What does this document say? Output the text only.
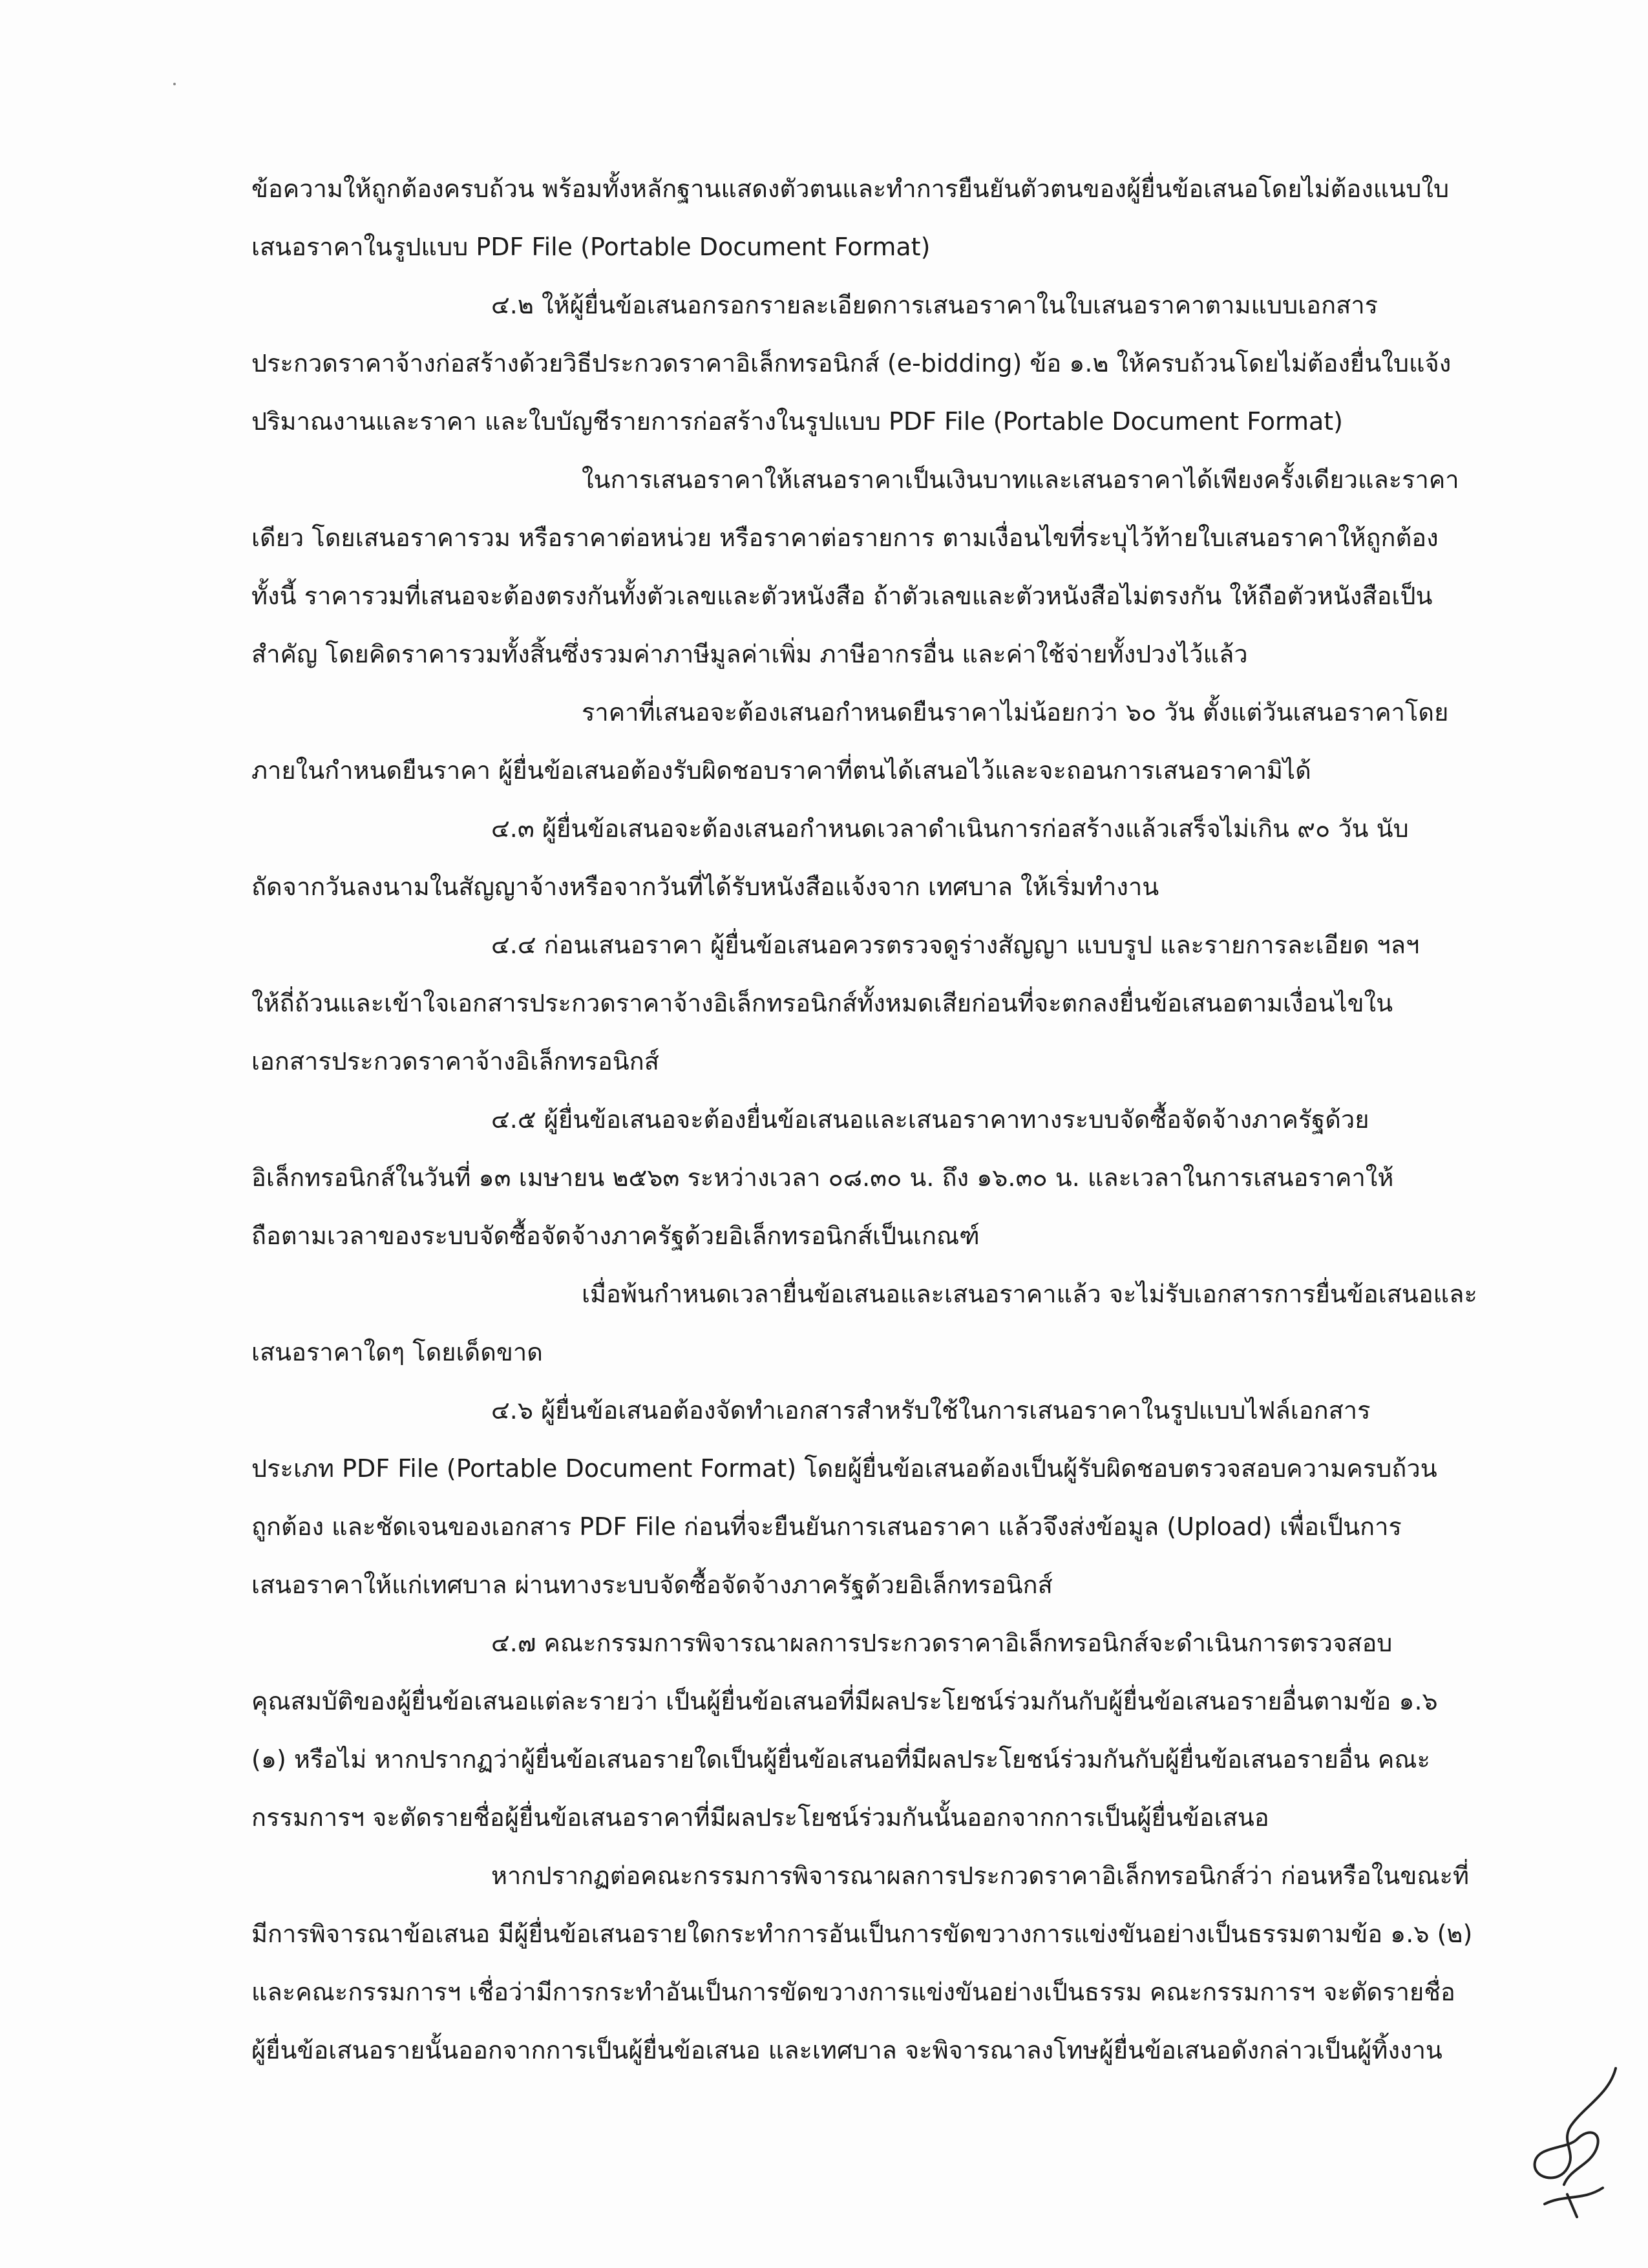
ข้อความให้ถูกต้องครบถ้วน พร้อมทั้งหลักฐานแสดงตัวตนและทำการยืนยันตัวตนของผู้ยื่นข้อเสนอโดยไม่ต้องแนบใบ
เสนอราคาในรูปแบบ PDF File (Portable Document Format)
๔.๒ ให้ผู้ยื่นข้อเสนอกรอกรายละเอียดการเสนอราคาในใบเสนอราคาตามแบบเอกสาร
ประกวดราคาจ้างก่อสร้างด้วยวิธีประกวดราคาอิเล็กทรอนิกส์ (e-bidding) ข้อ ๑.๒ ให้ครบถ้วนโดยไม่ต้องยื่นใบแจ้ง
ปริมาณงานและราคา และใบบัญชีรายการก่อสร้างในรูปแบบ PDF File (Portable Document Format)
ในการเสนอราคาให้เสนอราคาเป็นเงินบาทและเสนอราคาได้เพียงครั้งเดียวและราคา
เดียว โดยเสนอราคารวม หรือราคาต่อหน่วย หรือราคาต่อรายการ ตามเงื่อนไขที่ระบุไว้ท้ายใบเสนอราคาให้ถูกต้อง
ทั้งนี้ ราคารวมที่เสนอจะต้องตรงกันทั้งตัวเลขและตัวหนังสือ ถ้าตัวเลขและตัวหนังสือไม่ตรงกัน ให้ถือตัวหนังสือเป็น
สำคัญ โดยคิดราคารวมทั้งสิ้นซึ่งรวมค่าภาษีมูลค่าเพิ่ม ภาษีอากรอื่น และค่าใช้จ่ายทั้งปวงไว้แล้ว
ราคาที่เสนอจะต้องเสนอกำหนดยืนราคาไม่น้อยกว่า ๖๐ วัน ตั้งแต่วันเสนอราคาโดย
ภายในกำหนดยืนราคา ผู้ยื่นข้อเสนอต้องรับผิดชอบราคาที่ตนได้เสนอไว้และจะถอนการเสนอราคามิได้
๔.๓ ผู้ยื่นข้อเสนอจะต้องเสนอกำหนดเวลาดำเนินการก่อสร้างแล้วเสร็จไม่เกิน ๙๐ วัน นับ
ถัดจากวันลงนามในสัญญาจ้างหรือจากวันที่ได้รับหนังสือแจ้งจาก เทศบาล ให้เริ่มทำงาน
๔.๔ ก่อนเสนอราคา ผู้ยื่นข้อเสนอควรตรวจดูร่างสัญญา แบบรูป และรายการละเอียด ฯลฯ
ให้ถี่ถ้วนและเข้าใจเอกสารประกวดราคาจ้างอิเล็กทรอนิกส์ทั้งหมดเสียก่อนที่จะตกลงยื่นข้อเสนอตามเงื่อนไขใน
เอกสารประกวดราคาจ้างอิเล็กทรอนิกส์
๔.๕ ผู้ยื่นข้อเสนอจะต้องยื่นข้อเสนอและเสนอราคาทางระบบจัดซื้อจัดจ้างภาครัฐด้วย
อิเล็กทรอนิกส์ในวันที่ ๑๓ เมษายน ๒๕๖๓ ระหว่างเวลา ๐๘.๓๐ น. ถึง ๑๖.๓๐ น. และเวลาในการเสนอราคาให้
ถือตามเวลาของระบบจัดซื้อจัดจ้างภาครัฐด้วยอิเล็กทรอนิกส์เป็นเกณฑ์
เมื่อพ้นกำหนดเวลายื่นข้อเสนอและเสนอราคาแล้ว จะไม่รับเอกสารการยื่นข้อเสนอและ
เสนอราคาใดๆ โดยเด็ดขาด
๔.๖ ผู้ยื่นข้อเสนอต้องจัดทำเอกสารสำหรับใช้ในการเสนอราคาในรูปแบบไฟล์เอกสาร
ประเภท PDF File (Portable Document Format) โดยผู้ยื่นข้อเสนอต้องเป็นผู้รับผิดชอบตรวจสอบความครบถ้วน
ถูกต้อง และชัดเจนของเอกสาร PDF File ก่อนที่จะยืนยันการเสนอราคา แล้วจึงส่งข้อมูล (Upload) เพื่อเป็นการ
เสนอราคาให้แก่เทศบาล ผ่านทางระบบจัดซื้อจัดจ้างภาครัฐด้วยอิเล็กทรอนิกส์
๔.๗ คณะกรรมการพิจารณาผลการประกวดราคาอิเล็กทรอนิกส์จะดำเนินการตรวจสอบ
คุณสมบัติของผู้ยื่นข้อเสนอแต่ละรายว่า เป็นผู้ยื่นข้อเสนอที่มีผลประโยชน์ร่วมกันกับผู้ยื่นข้อเสนอรายอื่นตามข้อ ๑.๖
(๑) หรือไม่ หากปรากฏว่าผู้ยื่นข้อเสนอรายใดเป็นผู้ยื่นข้อเสนอที่มีผลประโยชน์ร่วมกันกับผู้ยื่นข้อเสนอรายอื่น คณะ
กรรมการฯ จะตัดรายชื่อผู้ยื่นข้อเสนอราคาที่มีผลประโยชน์ร่วมกันนั้นออกจากการเป็นผู้ยื่นข้อเสนอ
หากปรากฏต่อคณะกรรมการพิจารณาผลการประกวดราคาอิเล็กทรอนิกส์ว่า ก่อนหรือในขณะที่
มีการพิจารณาข้อเสนอ มีผู้ยื่นข้อเสนอรายใดกระทำการอันเป็นการขัดขวางการแข่งขันอย่างเป็นธรรมตามข้อ ๑.๖ (๒)
และคณะกรรมการฯ เชื่อว่ามีการกระทำอันเป็นการขัดขวางการแข่งขันอย่างเป็นธรรม คณะกรรมการฯ จะตัดรายชื่อ
ผู้ยื่นข้อเสนอรายนั้นออกจากการเป็นผู้ยื่นข้อเสนอ และเทศบาล จะพิจารณาลงโทษผู้ยื่นข้อเสนอดังกล่าวเป็นผู้ทิ้งงาน
